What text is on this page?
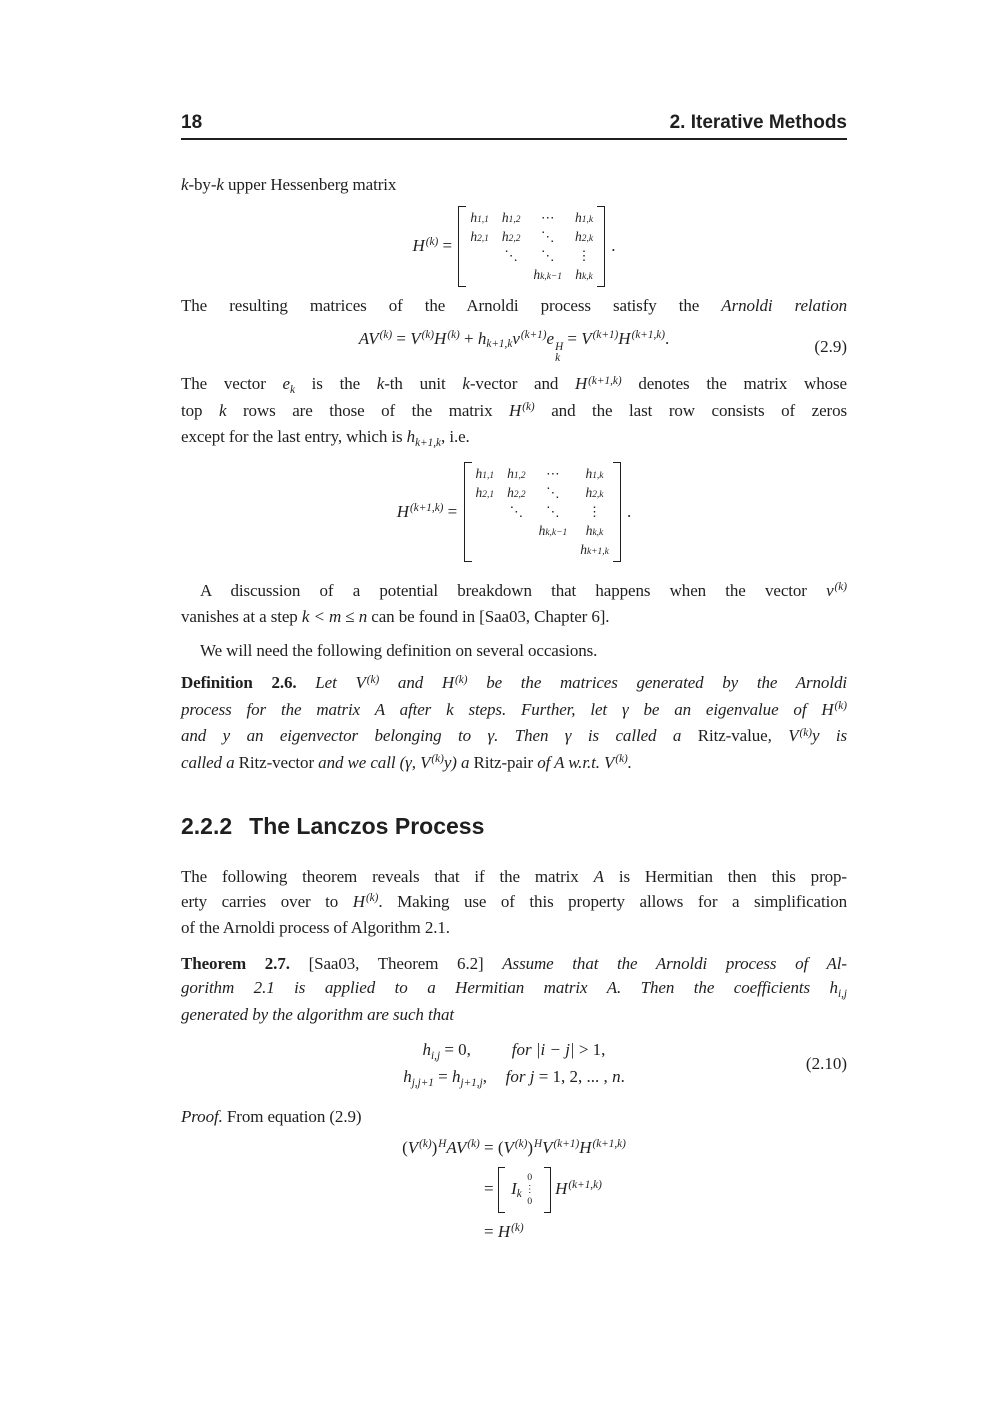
18	2. Iterative Methods
k-by-k upper Hessenberg matrix
$H^{(k)}$ =
h 1,1 h 1,2 ⋯ h 1,k
h 2,1 h 2,2 ⋱ h 2,k
⋱ ⋱ ⋮
h k,k−1 h k,k
.
The resulting matrices of the Arnoldi process satisfy the Arnoldi relation
$AV^{(k)} = V^{(k)}H^{(k)} + hk+1,kv^{(k+1)}e$ H
k
= $V^{(k+1)}H^{(k+1,k)}$.	(2.9)
The vector ek is the k-th unit k-vector and $H^{(k+1,k)}$ denotes the matrix whose
top k rows are those of the matrix $H^{(k)}$ and the last row consists of zeros
except for the last entry, which is hk+1,k, i.e.
$H^{(k+1,k)}$ =
h 1,1 h 1,2 ⋯ h 1,k
h 2,1 h 2,2 ⋱ h 2,k
⋱ ⋱ ⋮
h k,k−1 h k,k
h k+1,k
.
A discussion of a potential breakdown that happens when the vector $v^{(k)}$
vanishes at a step k < m ≤ n can be found in [Saa03, Chapter 6].
We will need the following definition on several occasions.
Definition 2.6. Let $V^{(k)}$ and $H^{(k)}$ be the matrices generated by the Arnoldi
process for the matrix A after k steps. Further, let γ be an eigenvalue of $H^{(k)}$
and y an eigenvector belonging to γ. Then γ is called a Ritz-value, $V^{(k)}y$ is
called a Ritz-vector and we call (γ, $V^{(k)}y$) a Ritz-pair of A w.r.t. $V^{(k)}$.
2.2.2 The Lanczos Process
The following theorem reveals that if the matrix A is Hermitian then this prop-
erty carries over to $H^{(k)}$. Making use of this property allows for a simplification
of the Arnoldi process of Algorithm 2.1.
Theorem 2.7. [Saa03, Theorem 6.2] Assume that the Arnoldi process of Al-
gorithm 2.1 is applied to a Hermitian matrix A. Then the coefficients hi,j
generated by the algorithm are such that
hi,j = 0, for |i − j| > 1,
hj,j+1 = hj+1,j, for j = 1, 2, ... , n.
(2.10)
Proof. From equation (2.9)
$(V^{(k)})^HAV^{(k)} = (V^{(k)})^HV^{(k+1)}H^{(k+1,k)}$
=  Ik
0
⋮
0
$H^{(k+1,k)}$
= $H^{(k)}$
